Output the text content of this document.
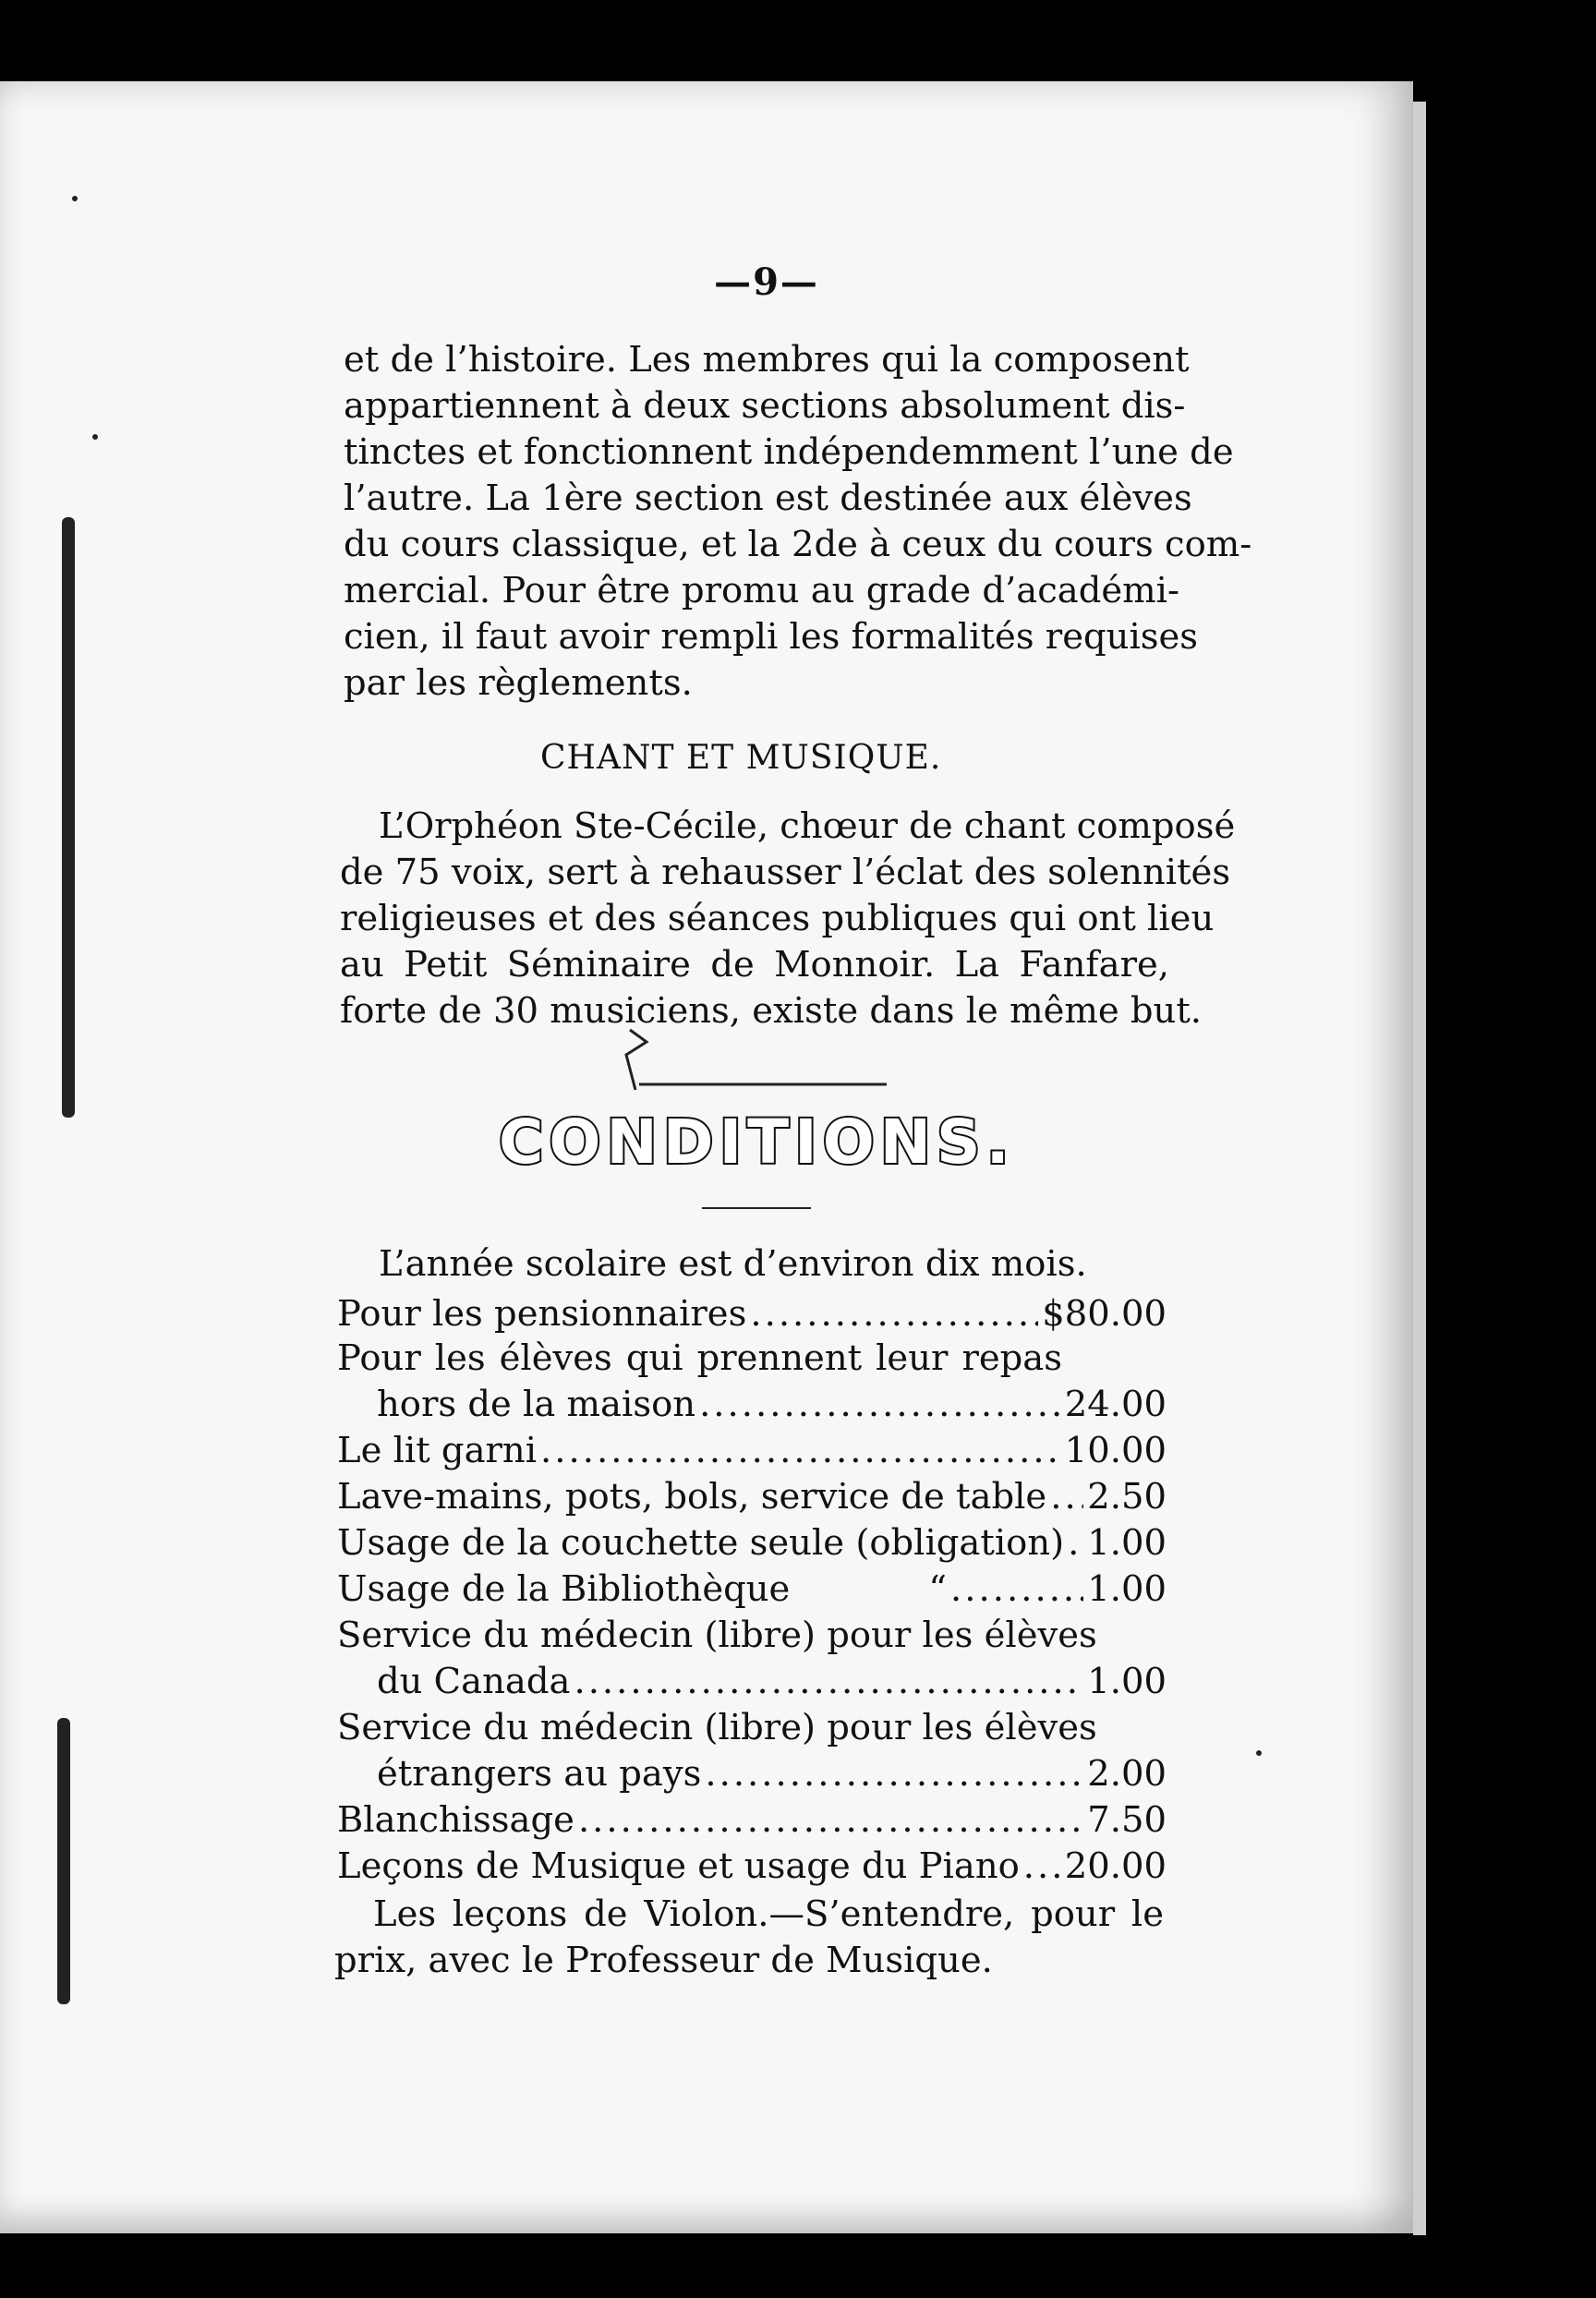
—9—
et de l’histoire. Les membres qui la composent
appartiennent à deux sections absolument dis-
tinctes et fonctionnent indépendemment l’une de
l’autre. La 1ère section est destinée aux élèves
du cours classique, et la 2de à ceux du cours com-
mercial. Pour être promu au grade d’académi-
cien, il faut avoir rempli les formalités requises
par les règlements.
CHANT ET MUSIQUE.
L’Orphéon Ste-Cécile, chœur de chant composé
de 75 voix, sert à rehausser l’éclat des solennités
religieuses et des séances publiques qui ont lieu
au Petit Séminaire de Monnoir. La Fanfare,
forte de 30 musiciens, existe dans le même but.
CONDITIONS.
L’année scolaire est d’environ dix mois.
Pour les pensionnaires .....	$80.00
Pour les élèves qui prennent leur repas
hors de la maison .....	24.00
Le lit garni .....	10.00
Lave-mains, pots, bols, service de table ..... 2.50
Usage de la couchette seule (obligation) ..... 1.00
Usage de la Bibliothèque	“ .....	1.00
Service du médecin (libre) pour les élèves
du Canada .....	1.00
Service du médecin (libre) pour les élèves
étrangers au pays .....	2.00
Blanchissage .....	7.50
Leçons de Musique et usage du Piano ..... 20.00
Les leçons de Violon.—S’entendre, pour le
prix, avec le Professeur de Musique.
